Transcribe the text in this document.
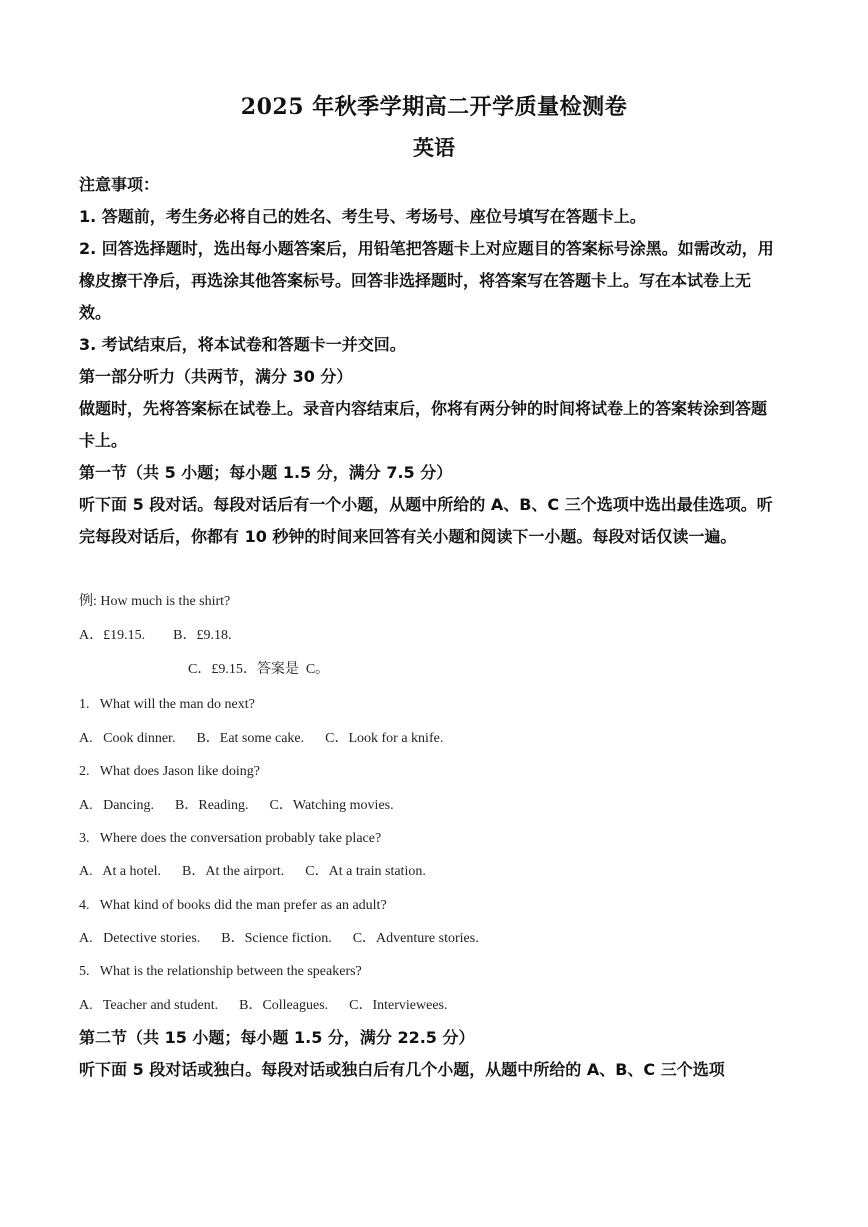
2025 年秋季学期高二开学质量检测卷
英语

注意事项：

1. 答题前，考生务必将自己的姓名、考生号、考场号、座位号填写在答题卡上。

2. 回答选择题时，选出每小题答案后，用铅笔把答题卡上对应题目的答案标号涂黑。如需改动，用橡皮擦干净后，再选涂其他答案标号。回答非选择题时，将答案写在答题卡上。写在本试卷上无效。

3. 考试结束后，将本试卷和答题卡一并交回。

第一部分听力（共两节，满分 30 分）

做题时，先将答案标在试卷上。录音内容结束后，你将有两分钟的时间将试卷上的答案转涂到答题卡上。

第一节（共 5 小题；每小题 1.5 分，满分 7.5 分）

听下面 5 段对话。每段对话后有一个小题，从题中所给的 A、B、C 三个选项中选出最佳选项。听完每段对话后，你都有 10 秒钟的时间来回答有关小题和阅读下一小题。每段对话仅读一遍。

例: How much is the shirt?

A．£19.15.        B．£9.18.

C．£9.15．答案是  C。

1.   What will the man do next?

A.   Cook dinner.      B．Eat some cake.      C．Look for a knife.

2.   What does Jason like doing?

A.   Dancing.      B．Reading.      C．Watching movies.

3.   Where does the conversation probably take place?

A.   At a hotel.      B．At the airport.      C．At a train station.

4.   What kind of books did the man prefer as an adult?

A.   Detective stories.      B．Science fiction.      C．Adventure stories.

5.   What is the relationship between the speakers?

A.   Teacher and student.      B．Colleagues.      C．Interviewees.

第二节（共 15 小题；每小题 1.5 分，满分 22.5 分）

听下面 5 段对话或独白。每段对话或独白后有几个小题，从题中所给的 A、B、C 三个选项
